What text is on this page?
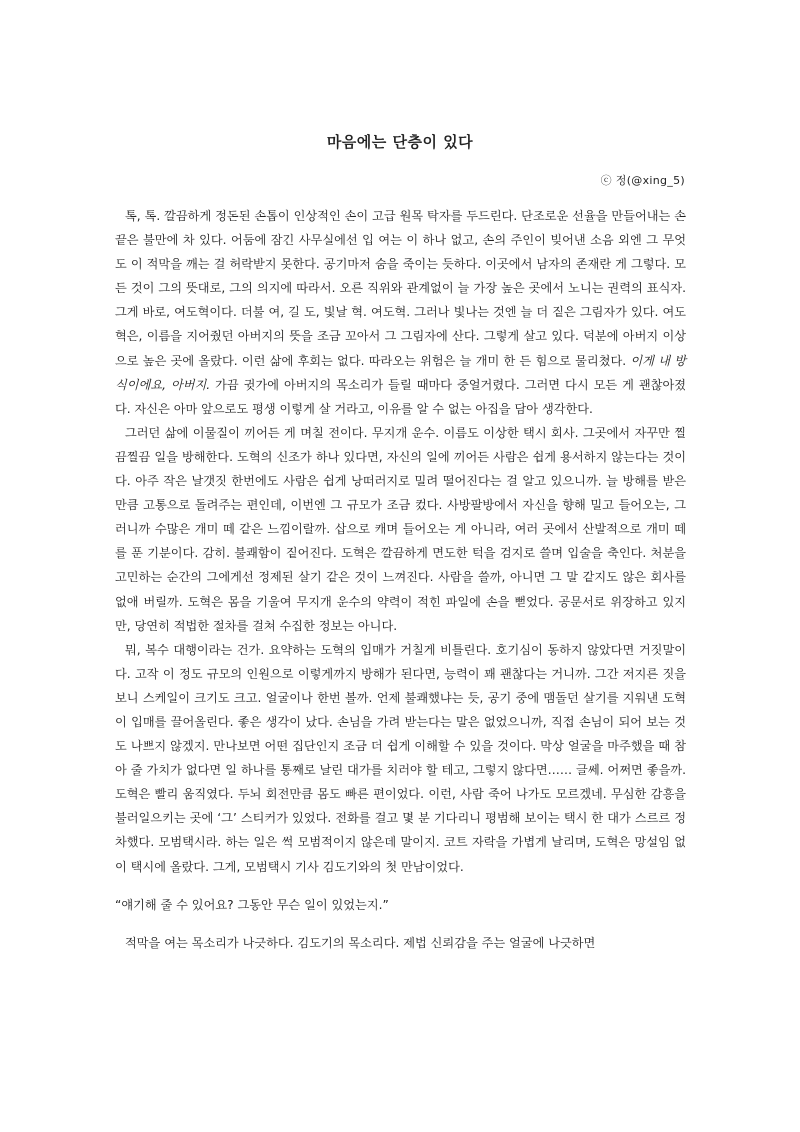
마음에는 단층이 있다
ⓒ 정(@xing_5)

톡, 톡. 깔끔하게 정돈된 손톱이 인상적인 손이 고급 원목 탁자를 두드린다. 단조로운 선율을 만들어내는 손끝은 불만에 차 있다. 어둠에 잠긴 사무실에선 입 여는 이 하나 없고, 손의 주인이 빚어낸 소음 외엔 그 무엇도 이 적막을 깨는 걸 허락받지 못한다. 공기마저 숨을 죽이는 듯하다. 이곳에서 남자의 존재란 게 그렇다. 모든 것이 그의 뜻대로, 그의 의지에 따라서. 오른 직위와 관계없이 늘 가장 높은 곳에서 노니는 권력의 표식자. 그게 바로, 여도혁이다. 더불 여, 길 도, 빛날 혁. 여도혁. 그러나 빛나는 것엔 늘 더 짙은 그림자가 있다. 여도혁은, 이름을 지어줬던 아버지의 뜻을 조금 꼬아서 그 그림자에 산다. 그렇게 살고 있다. 덕분에 아버지 이상으로 높은 곳에 올랐다. 이런 삶에 후회는 없다. 따라오는 위험은 늘 개미 한 든 힘으로 물리쳤다. 이게 내 방식이에요, 아버지. 가끔 귓가에 아버지의 목소리가 들릴 때마다 중얼거렸다. 그러면 다시 모든 게 괜찮아졌다. 자신은 아마 앞으로도 평생 이렇게 살 거라고, 이유를 알 수 없는 아집을 담아 생각한다.

그러던 삶에 이물질이 끼어든 게 며칠 전이다. 무지개 운수. 이름도 이상한 택시 회사. 그곳에서 자꾸만 찔끔찔끔 일을 방해한다. 도혁의 신조가 하나 있다면, 자신의 일에 끼어든 사람은 쉽게 용서하지 않는다는 것이다. 아주 작은 날갯짓 한번에도 사람은 쉽게 낭떠러지로 밀려 떨어진다는 걸 알고 있으니까. 늘 방해를 받은 만큼 고통으로 돌려주는 편인데, 이번엔 그 규모가 조금 컸다. 사방팔방에서 자신을 향해 밀고 들어오는, 그러니까 수많은 개미 떼 같은 느낌이랄까. 삽으로 캐며 들어오는 게 아니라, 여러 곳에서 산발적으로 개미 떼를 푼 기분이다. 감히. 불쾌함이 짙어진다. 도혁은 깔끔하게 면도한 턱을 검지로 쓸며 입술을 축인다. 처분을 고민하는 순간의 그에게선 정제된 살기 같은 것이 느껴진다. 사람을 쓸까, 아니면 그 말 같지도 않은 회사를 없애 버릴까. 도혁은 몸을 기울여 무지개 운수의 약력이 적힌 파일에 손을 뻗었다. 공문서로 위장하고 있지만, 당연히 적법한 절차를 걸쳐 수집한 정보는 아니다.

뭐, 복수 대행이라는 건가. 요약하는 도혁의 입매가 거칠게 비틀린다. 호기심이 동하지 않았다면 거짓말이다. 고작 이 정도 규모의 인원으로 이렇게까지 방해가 된다면, 능력이 꽤 괜찮다는 거니까. 그간 저지른 짓을 보니 스케일이 크기도 크고. 얼굴이나 한번 볼까. 언제 불쾌했냐는 듯, 공기 중에 맴돌던 살기를 지워낸 도혁이 입매를 끌어올린다. 좋은 생각이 났다. 손님을 가려 받는다는 말은 없었으니까, 직접 손님이 되어 보는 것도 나쁘지 않겠지. 만나보면 어떤 집단인지 조금 더 쉽게 이해할 수 있을 것이다. 막상 얼굴을 마주했을 때 참아 줄 가치가 없다면 일 하나를 통째로 날린 대가를 치러야 할 테고, 그렇지 않다면…… 글쎄. 어쩌면 좋을까. 도혁은 빨리 움직였다. 두뇌 회전만큼 몸도 빠른 편이었다. 이런, 사람 죽어 나가도 모르겠네. 무심한 감흥을 불러일으키는 곳에 ‘그’ 스티커가 있었다. 전화를 걸고 몇 분 기다리니 평범해 보이는 택시 한 대가 스르르 정차했다. 모범택시라. 하는 일은 썩 모범적이지 않은데 말이지. 코트 자락을 가볍게 날리며, 도혁은 망설임 없이 택시에 올랐다. 그게, 모범택시 기사 김도기와의 첫 만남이었다.

“얘기해 줄 수 있어요? 그동안 무슨 일이 있었는지.”

적막을 여는 목소리가 나긋하다. 김도기의 목소리다. 제법 신뢰감을 주는 얼굴에 나긋하면
